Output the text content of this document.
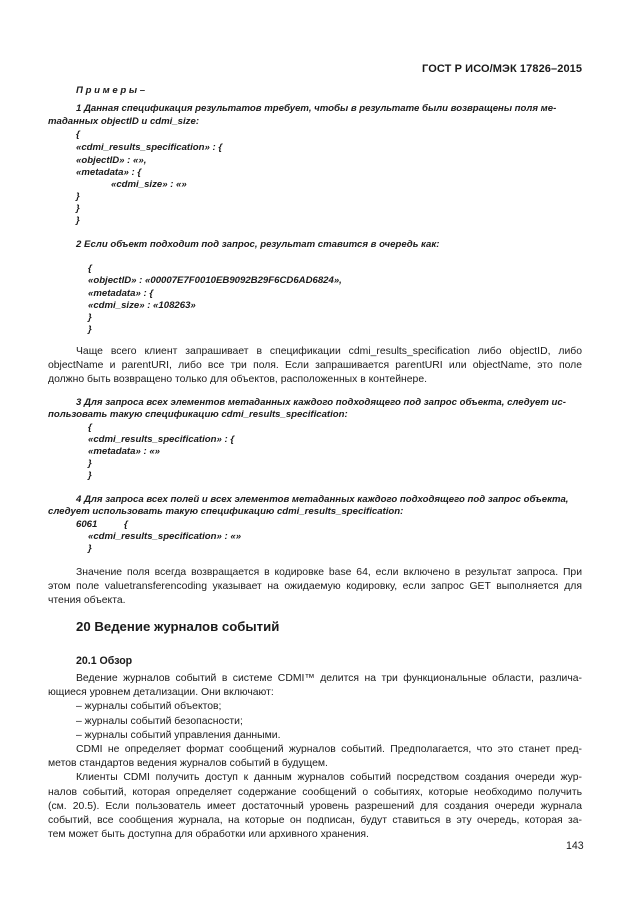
ГОСТ Р ИСО/МЭК 17826–2015
П р и м е р ы –
1 Данная спецификация результатов требует, чтобы в результате были возвращены поля ме-
таданных objectID и cdmi_size:
{
«cdmi_results_specification» : {
«objectID» : «»,
«metadata» : {
«cdmi_size» : «»
}
}
}
2 Если объект подходит под запрос, результат ставится в очередь как:
{
«objectID» : «00007E7F0010EB9092B29F6CD6AD6824»,
«metadata» : {
«cdmi_size» : «108263»
}
}
Чаще всего клиент запрашивает в спецификации cdmi_results_specification либо objectID, либо
objectName и parentURI, либо все три поля. Если запрашивается parentURI или objectName, это поле
должно быть возвращено только для объектов, расположенных в контейнере.
3 Для запроса всех элементов метаданных каждого подходящего под запрос объекта, следует ис-
пользовать такую спецификацию cdmi_results_specification:
{
«cdmi_results_specification» : {
«metadata» : «»
}
}
4 Для запроса всех полей и всех элементов метаданных каждого подходящего под запрос объекта,
следует использовать такую спецификацию cdmi_results_specification:
6061	{
«cdmi_results_specification» : «»
}
Значение поля всегда возвращается в кодировке base 64, если включено в результат запроса. При
этом поле valuetransferencoding указывает на ожидаемую кодировку, если запрос GET выполняется для
чтения объекта.
20 Ведение журналов событий
20.1 Обзор
Ведение журналов событий в системе CDMI™ делится на три функциональные области, различа-
ющиеся уровнем детализации. Они включают:
– журналы событий объектов;
– журналы событий безопасности;
– журналы событий управления данными.
CDMI не определяет формат сообщений журналов событий. Предполагается, что это станет пред-
метов стандартов ведения журналов событий в будущем.
Клиенты CDMI получить доступ к данным журналов событий посредством создания очереди жур-
налов событий, которая определяет содержание сообщений о событиях, которые необходимо получить
(см. 20.5). Если пользователь имеет достаточный уровень разрешений для создания очереди журнала
событий, все сообщения журнала, на которые он подписан, будут ставиться в эту очередь, которая за-
тем может быть доступна для обработки или архивного хранения.
143
